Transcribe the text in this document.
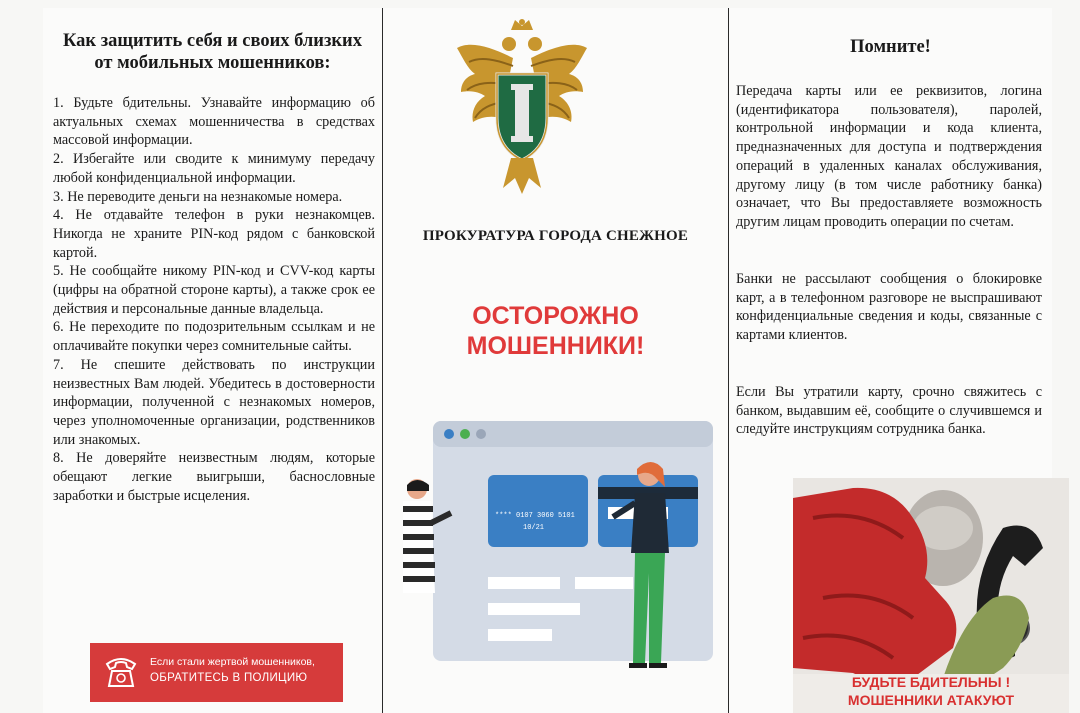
Как защитить себя и своих близких

от мобильных мошенников:

1. Будьте бдительны. Узнавайте информацию об актуальных схемах мошенничества в средствах массовой информации.

2. Избегайте или сводите к минимуму передачу любой конфиденциальной информации.

3. Не переводите деньги на незнакомые номера.

4. Не отдавайте телефон в руки незнакомцев. Никогда не храните PIN-код рядом с банковской картой.

5. Не сообщайте никому PIN-код и CVV-код карты (цифры на обратной стороне карты), а также срок ее действия и персональные данные владельца.

6. Не переходите по подозрительным ссылкам и не оплачивайте покупки через сомнительные сайты.

7. Не спешите действовать по инструкции неизвестных Вам людей. Убедитесь в достоверности информации, полученной с незнакомых номеров, через уполномоченные организации, родственников или знакомых.

8. Не доверяйте неизвестным людям, которые обещают легкие выигрыши, баснословные заработки и быстрые исцеления.

Если стали жертвой мошенников,
ОБРАТИТЕСЬ В ПОЛИЦИЮ
ПРОКУРАТУРА ГОРОДА СНЕЖНОЕ
ОСТОРОЖНО
МОШЕННИКИ!
**** 0107 3060 5101
10/21

Помните!

Передача карты или ее реквизитов, логина (идентификатора пользователя), паролей, контрольной информации и кода клиента, предназначенных для доступа и подтверждения операций в удаленных каналах обслуживания, другому лицу (в том числе работнику банка) означает, что Вы предоставляете возможность другим лицам проводить операции по счетам.

Банки не рассылают сообщения о блокировке карт, а в телефонном разговоре не выспрашивают конфиденциальные сведения и коды, связанные с картами клиентов.

Если Вы утратили карту, срочно свяжитесь с банком, выдавшим её, сообщите о случившемся и следуйте инструкциям сотрудника банка.

БУДЬТЕ БДИТЕЛЬНЫ !
МОШЕННИКИ АТАКУЮТ
